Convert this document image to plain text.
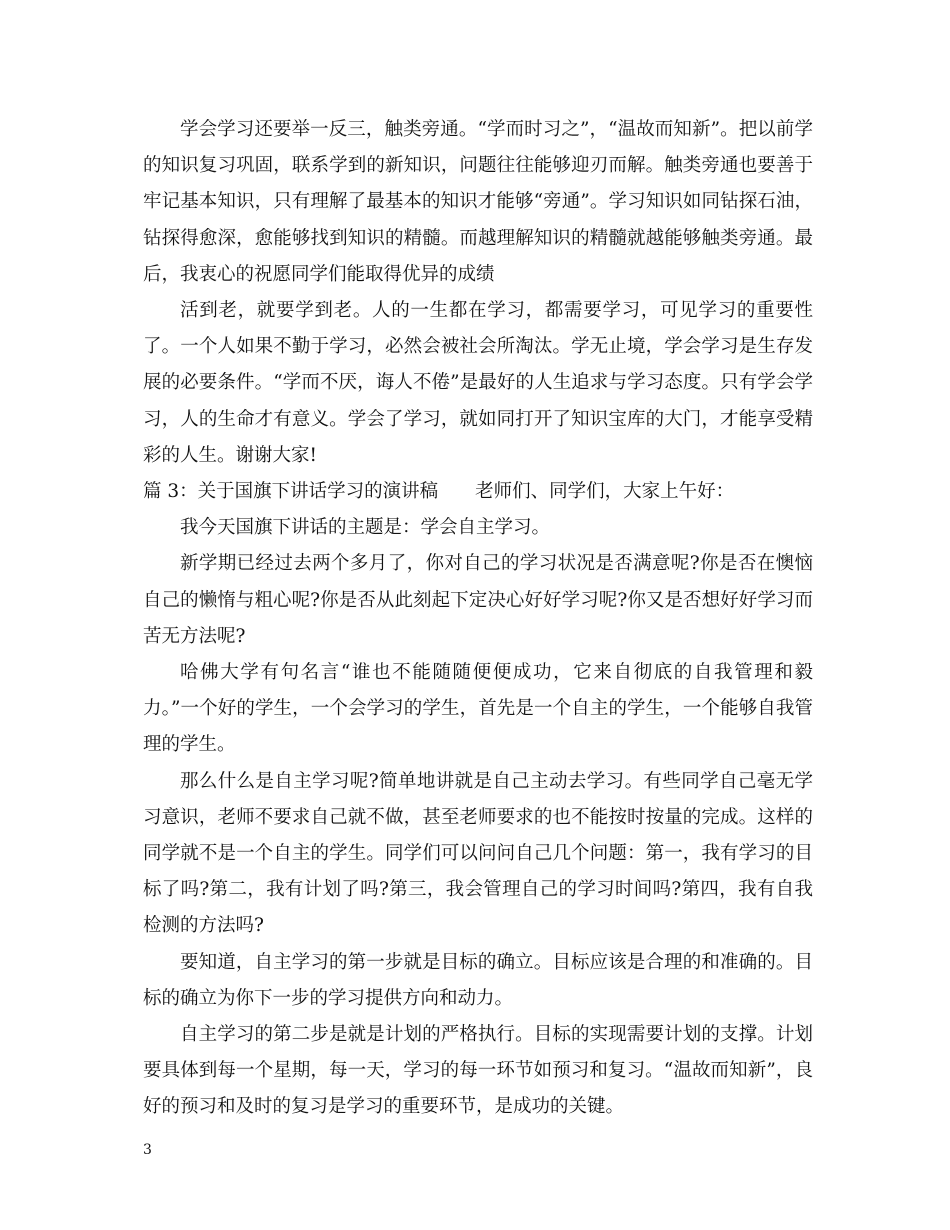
学会学习还要举一反三，触类旁通。“学而时习之”，“温故而知新”。把以前学的知识复习巩固，联系学到的新知识，问题往往能够迎刃而解。触类旁通也要善于牢记基本知识，只有理解了最基本的知识才能够“旁通”。学习知识如同钻探石油，钻探得愈深，愈能够找到知识的精髓。而越理解知识的精髓就越能够触类旁通。最后，我衷心的祝愿同学们能取得优异的成绩

活到老，就要学到老。人的一生都在学习，都需要学习，可见学习的重要性了。一个人如果不勤于学习，必然会被社会所淘汰。学无止境，学会学习是生存发展的必要条件。“学而不厌，诲人不倦”是最好的人生追求与学习态度。只有学会学习，人的生命才有意义。学会了学习，就如同打开了知识宝库的大门，才能享受精彩的人生。谢谢大家!

篇 3：关于国旗下讲话学习的演讲稿　　老师们、同学们，大家上午好：

我今天国旗下讲话的主题是：学会自主学习。

新学期已经过去两个多月了，你对自己的学习状况是否满意呢?你是否在懊恼自己的懒惰与粗心呢?你是否从此刻起下定决心好好学习呢?你又是否想好好学习而苦无方法呢?

哈佛大学有句名言“谁也不能随随便便成功，它来自彻底的自我管理和毅力。”一个好的学生，一个会学习的学生，首先是一个自主的学生，一个能够自我管理的学生。

那么什么是自主学习呢?简单地讲就是自己主动去学习。有些同学自己毫无学习意识，老师不要求自己就不做，甚至老师要求的也不能按时按量的完成。这样的同学就不是一个自主的学生。同学们可以问问自己几个问题：第一，我有学习的目标了吗?第二，我有计划了吗?第三，我会管理自己的学习时间吗?第四，我有自我检测的方法吗?

要知道，自主学习的第一步就是目标的确立。目标应该是合理的和准确的。目标的确立为你下一步的学习提供方向和动力。

自主学习的第二步是就是计划的严格执行。目标的实现需要计划的支撑。计划要具体到每一个星期，每一天，学习的每一环节如预习和复习。“温故而知新”，良好的预习和及时的复习是学习的重要环节，是成功的关键。

3
